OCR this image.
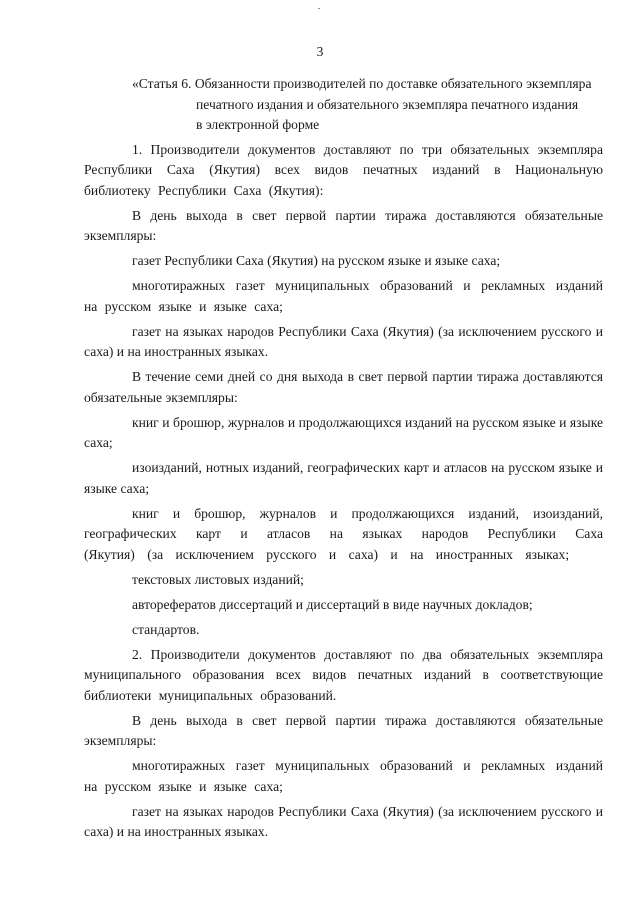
3
«Статья 6. Обязанности производителей по доставке обязательного экземпляра
печатного издания и обязательного экземпляра печатного издания
в электронной форме

1. Производители документов доставляют по три обязательных экземпляра Республики Саха (Якутия) всех видов печатных изданий в Национальную библиотеку Республики Саха (Якутия):

В день выхода в свет первой партии тиража доставляются обязательные экземпляры:

газет Республики Саха (Якутия) на русском языке и языке саха;

многотиражных газет муниципальных образований и рекламных изданий на русском языке и языке саха;

газет на языках народов Республики Саха (Якутия) (за исключением русского и саха) и на иностранных языках.

В течение семи дней со дня выхода в свет первой партии тиража доставляются обязательные экземпляры:

книг и брошюр, журналов и продолжающихся изданий на русском языке и языке саха;

изоизданий, нотных изданий, географических карт и атласов на русском языке и языке саха;

книг и брошюр, журналов и продолжающихся изданий, изоизданий, географических карт и атласов на языках народов Республики Саха (Якутия) (за исключением русского и саха) и на иностранных языках;

текстовых листовых изданий;

авторефератов диссертаций и диссертаций в виде научных докладов;

стандартов.

2. Производители документов доставляют по два обязательных экземпляра муниципального образования всех видов печатных изданий в соответствующие библиотеки муниципальных образований.

В день выхода в свет первой партии тиража доставляются обязательные экземпляры:

многотиражных газет муниципальных образований и рекламных изданий на русском языке и языке саха;

газет на языках народов Республики Саха (Якутия) (за исключением русского и саха) и на иностранных языках.
